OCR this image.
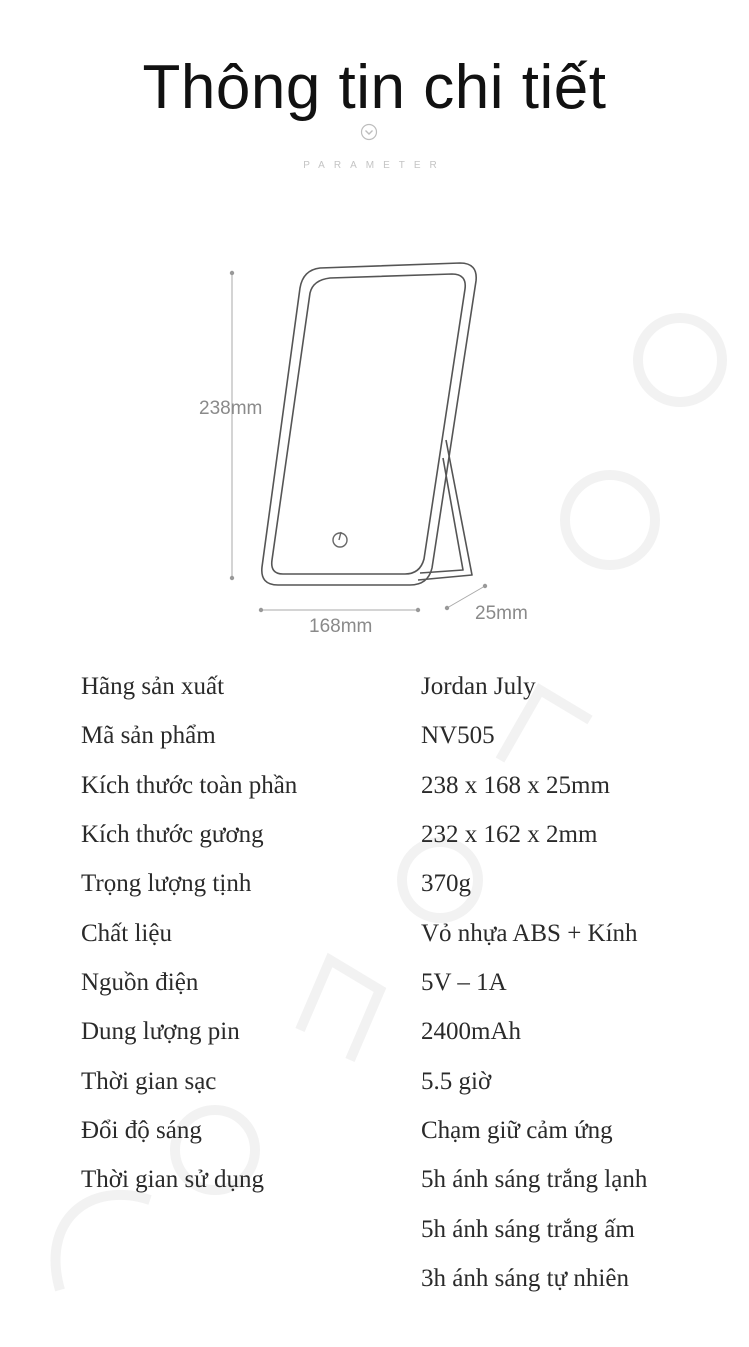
Thông tin chi tiết
PARAMETER
238mm
168mm
25mm
Hãng sản xuất	Jordan July
Mã sản phẩm	NV505
Kích thước toàn phần	238 x 168 x 25mm
Kích thước gương	232 x 162 x 2mm
Trọng lượng tịnh	370g
Chất liệu	Vỏ nhựa ABS + Kính
Nguồn điện	5V – 1A
Dung lượng pin	2400mAh
Thời gian sạc	5.5 giờ
Đổi độ sáng	Chạm giữ cảm ứng
Thời gian sử dụng	5h ánh sáng trắng lạnh
5h ánh sáng trắng ấm
3h ánh sáng tự nhiên
